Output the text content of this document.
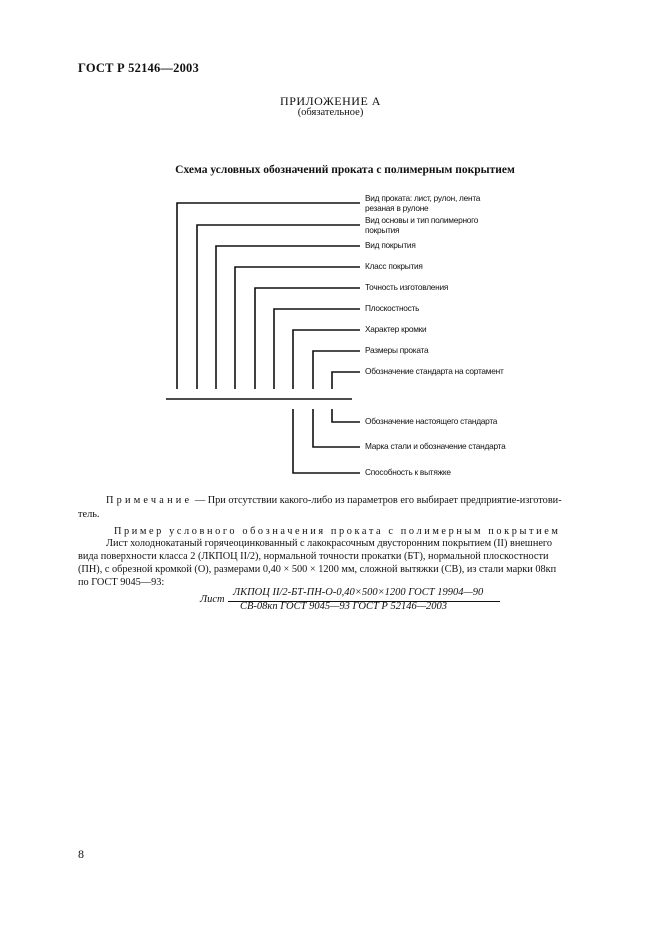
ГОСТ Р 52146—2003
ПРИЛОЖЕНИЕ А
(обязательное)
Схема условных обозначений проката с полимерным покрытием
Вид проката: лист, рулон, лента
резаная в рулоне
Вид основы и тип полимерного
покрытия
Вид покрытия
Класс покрытия
Точность изготовления
Плоскостность
Характер кромки
Размеры проката
Обозначение стандарта на сортамент
Обозначение настоящего стандарта
Марка стали и обозначение стандарта
Способность к вытяжке
Примечание — При отсутствии какого-либо из параметров его выбирает предприятие-изготови-
тель.
Пример условного обозначения проката с полимерным покрытием
Лист холоднокатаный горячеоцинкованный с лакокрасочным двусторонним покрытием (II) внешнего
вида поверхности класса 2 (ЛКПОЦ II/2), нормальной точности прокатки (БТ), нормальной плоскостности
(ПН), с обрезной кромкой (О), размерами 0,40 × 500 × 1200 мм, сложной вытяжки (СВ), из стали марки 08кп
по ГОСТ 9045—93:
Лист
ЛКПОЦ II/2-БТ-ПН-О-0,40×500×1200 ГОСТ 19904—90
СВ-08кп ГОСТ 9045—93 ГОСТ Р 52146—2003
8
